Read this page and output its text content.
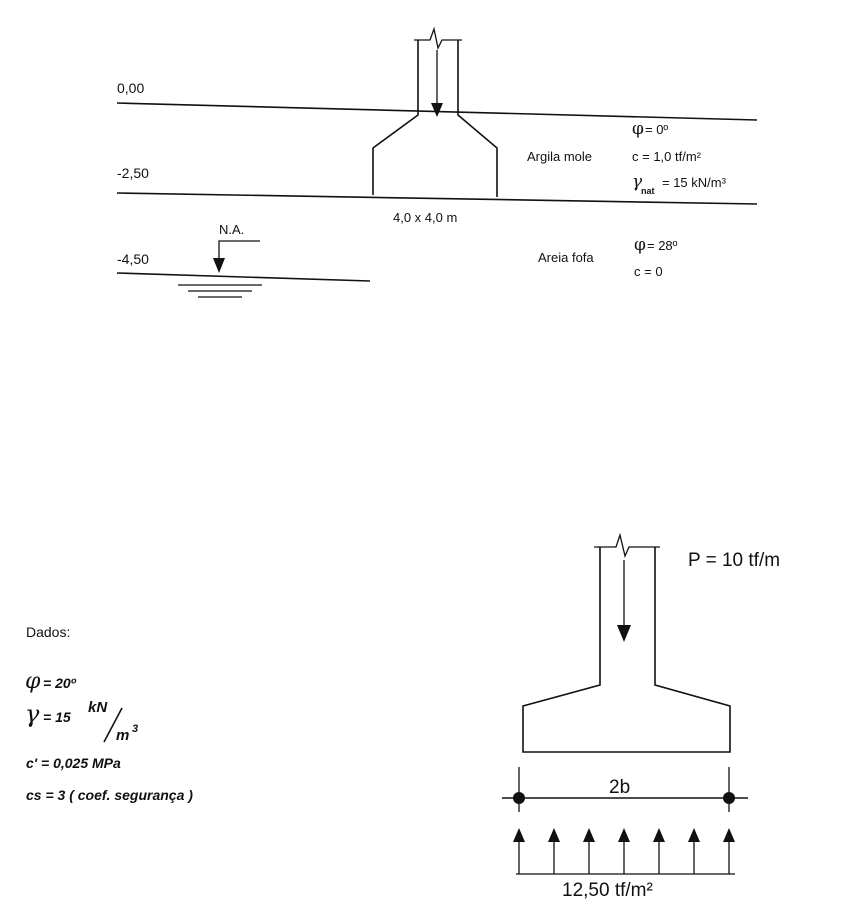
0,00
-2,50
-4,50
N.A.
4,0 x 4,0 m
Argila mole
φ = 0º
c = 1,0 tf/m²
γ
nat
= 15 kN/m³
Areia fofa
φ = 28º
c = 0
Dados:
φ = 20º
γ = 15
kN
m 3
c' = 0,025 MPa
cs = 3 ( coef. segurança )
P = 10 tf/m
2b
12,50 tf/m²
